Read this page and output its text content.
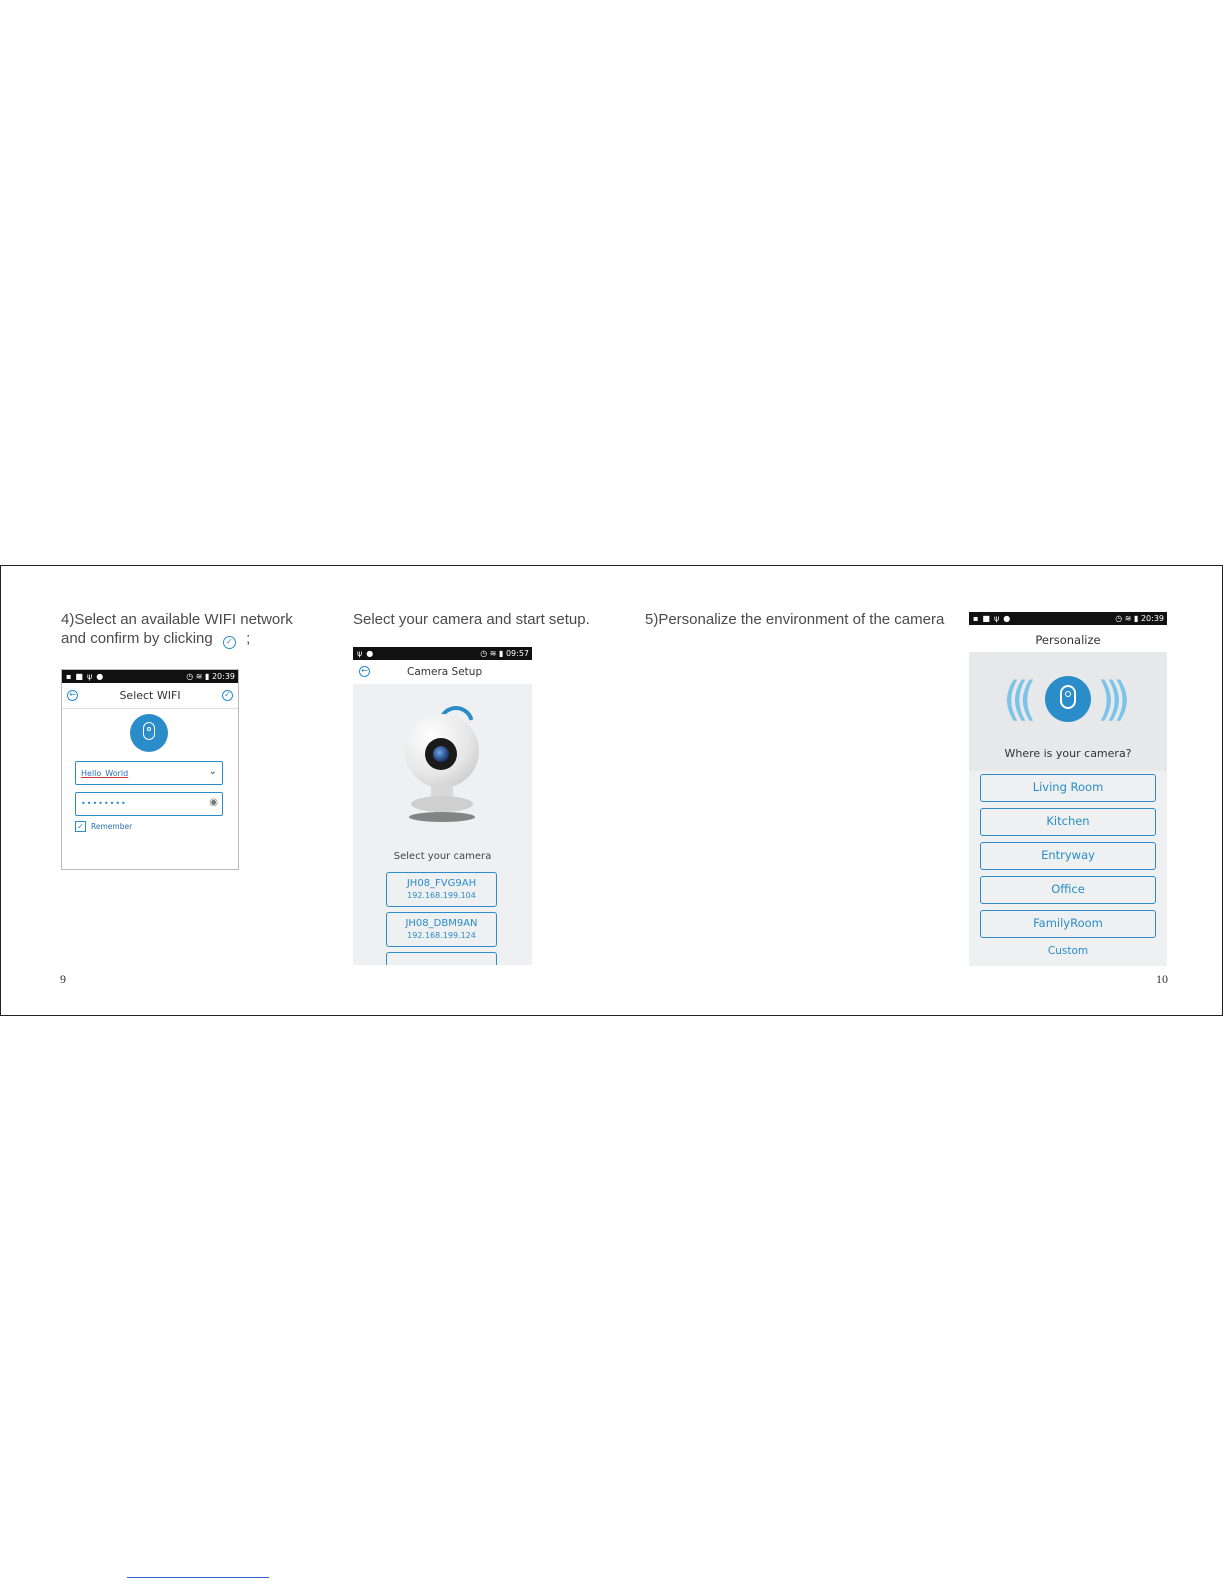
4)Select an available WIFI network
and confirm by clicking ✓ ;
Select your camera and start setup.	5)Personalize the environment of the camera
9	10
▪■ψ●	◷ ≋ ▮ 20:39
←	Select WIFI	✓
Hello_World	⌄
••••••••	◉
✓ Remember
ψ●	◷ ≋ ▮ 09:57
←	Camera Setup
Select your camera
JH08_FVG9AH
192.168.199.104
JH08_DBM9AN
192.168.199.124
▪■ψ●	◷ ≋ ▮ 20:39
Personalize
((( )))
Where is your camera?
Living Room
Kitchen
Entryway
Office
FamilyRoom
Custom
